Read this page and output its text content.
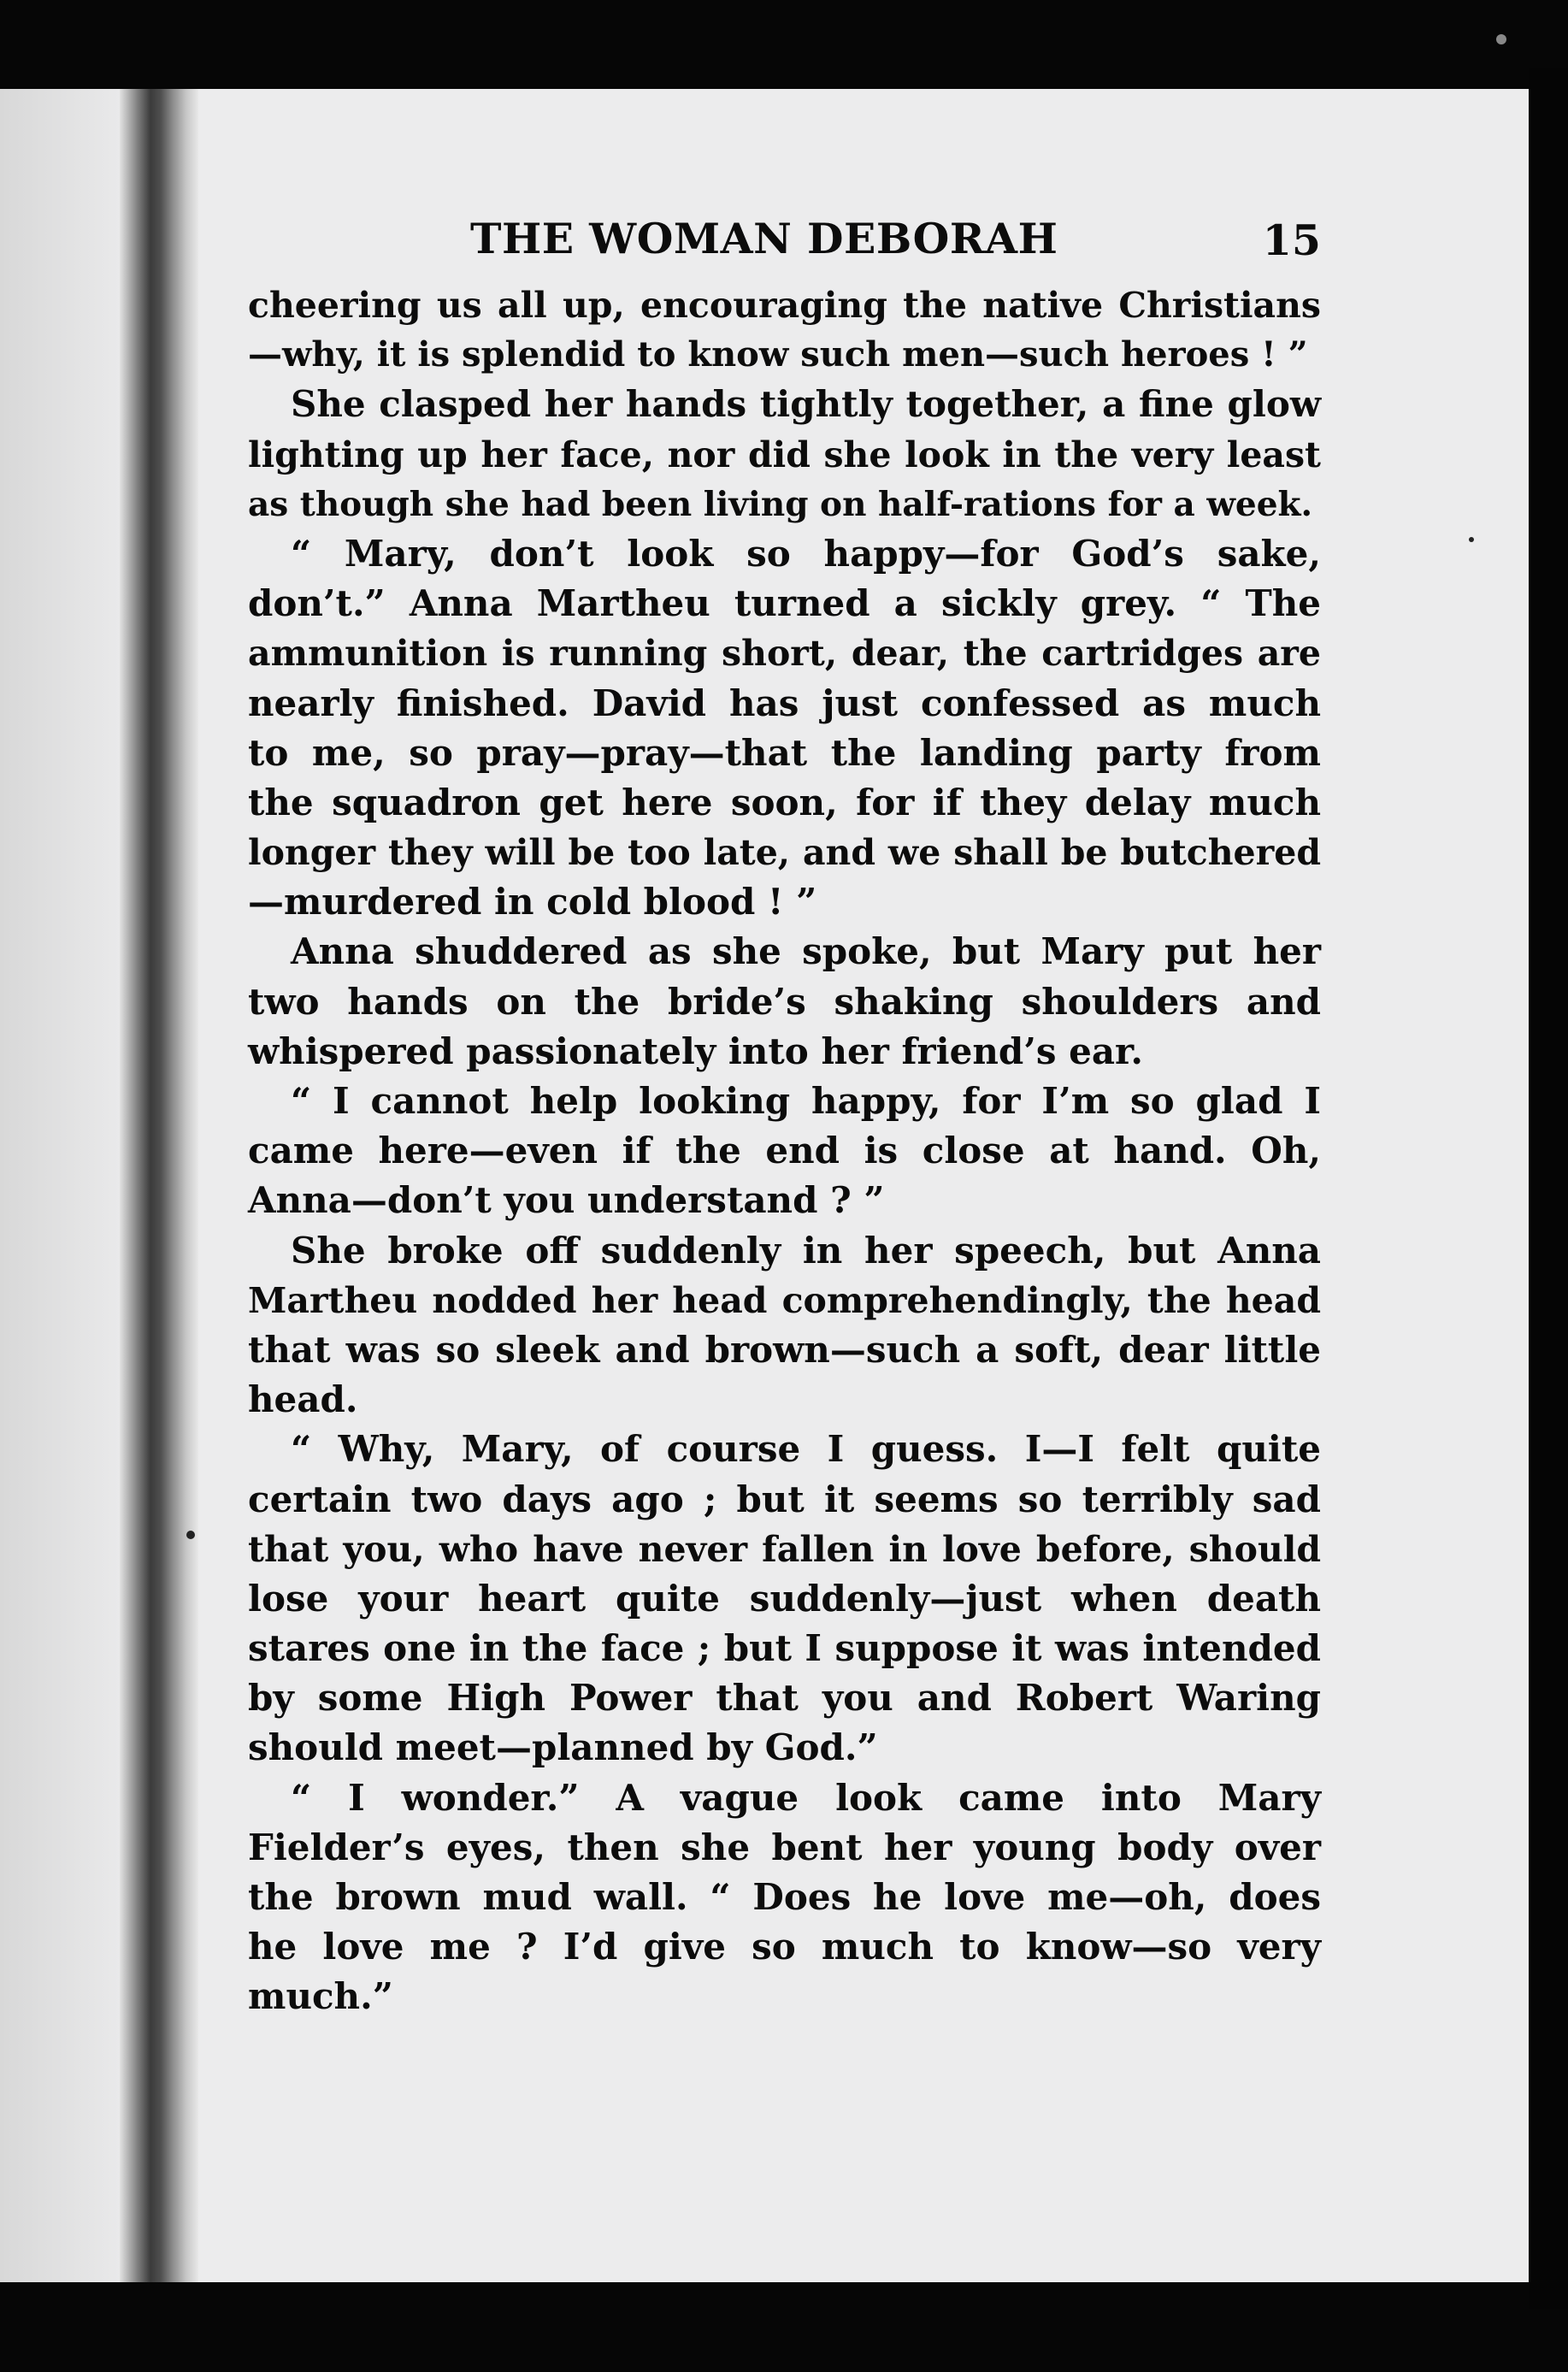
THE WOMAN DEBORAH	15
cheering us all up, encouraging the native Christians
—why, it is splendid to know such men—such heroes ! ”
She clasped her hands tightly together, a fine glow
lighting up her face, nor did she look in the very least
as though she had been living on half-rations for a week.
“ Mary, don’t look so happy—for God’s sake,
don’t.” Anna Martheu turned a sickly grey. “ The
ammunition is running short, dear, the cartridges are
nearly finished. David has just confessed as much
to me, so pray—pray—that the landing party from
the squadron get here soon, for if they delay much
longer they will be too late, and we shall be butchered
—murdered in cold blood ! ”
Anna shuddered as she spoke, but Mary put her
two hands on the bride’s shaking shoulders and
whispered passionately into her friend’s ear.
“ I cannot help looking happy, for I’m so glad I
came here—even if the end is close at hand. Oh,
Anna—don’t you understand ? ”
She broke off suddenly in her speech, but Anna
Martheu nodded her head comprehendingly, the head
that was so sleek and brown—such a soft, dear little
head.
“ Why, Mary, of course I guess. I—I felt quite
certain two days ago ; but it seems so terribly sad
that you, who have never fallen in love before, should
lose your heart quite suddenly—just when death
stares one in the face ; but I suppose it was intended
by some High Power that you and Robert Waring
should meet—planned by God.”
“ I wonder.” A vague look came into Mary
Fielder’s eyes, then she bent her young body over
the brown mud wall. “ Does he love me—oh, does
he love me ? I’d give so much to know—so very
much.”
